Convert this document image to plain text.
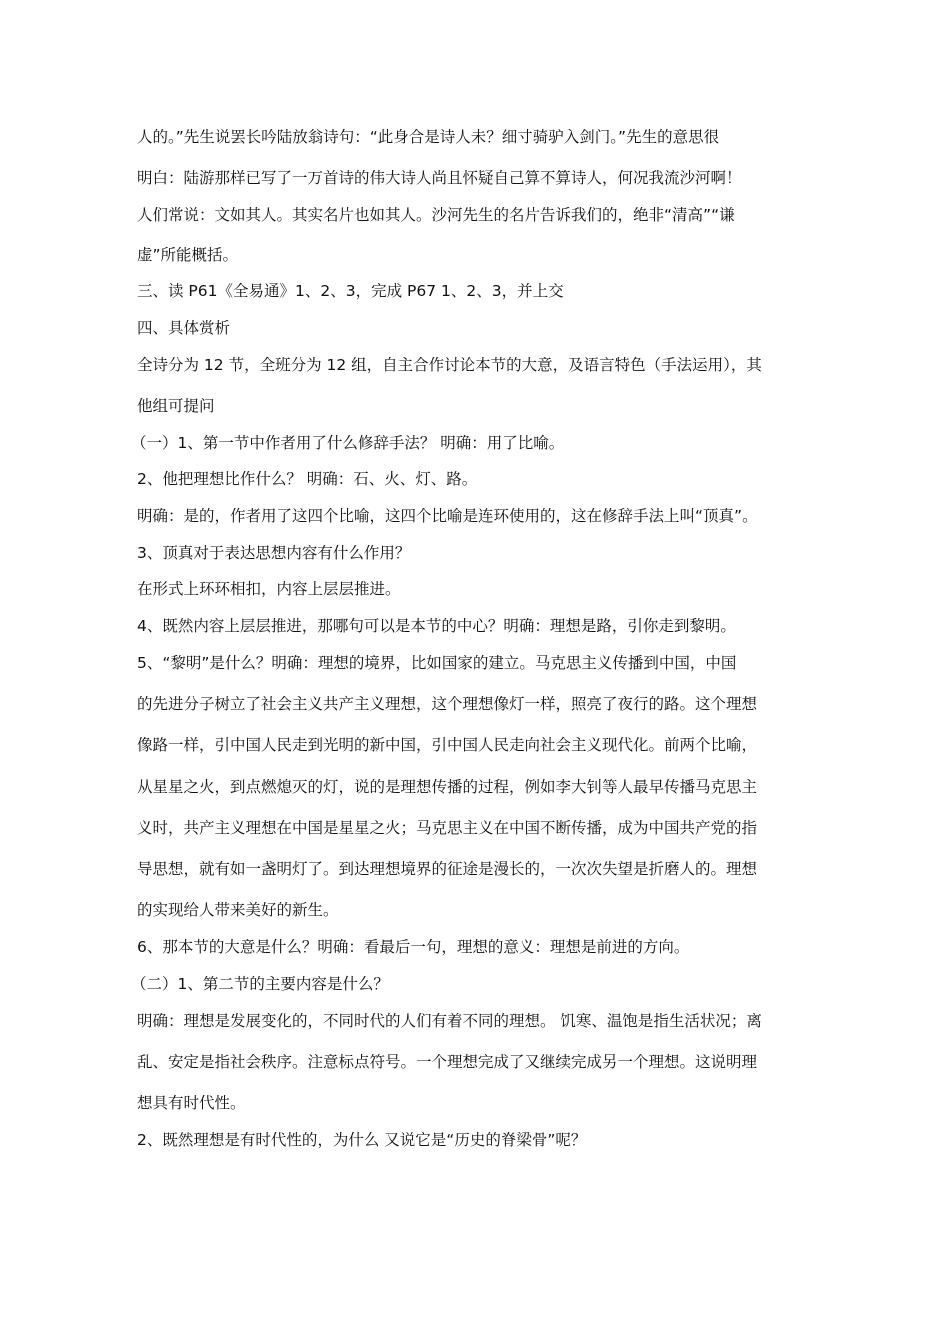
人的。”先生说罢长吟陆放翁诗句：“此身合是诗人未？细寸骑驴入剑门。”先生的意思很
明白：陆游那样已写了一万首诗的伟大诗人尚且怀疑自己算不算诗人，何况我流沙河啊！
人们常说：文如其人。其实名片也如其人。沙河先生的名片告诉我们的，绝非“清高”“谦
虚”所能概括。
三、读 P61《全易通》1、2、3，完成 P67 1、2、3，并上交
四、具体赏析
全诗分为 12 节，全班分为 12 组，自主合作讨论本节的大意，及语言特色（手法运用），其
他组可提问
（一）1、第一节中作者用了什么修辞手法？ 明确：用了比喻。
2、他把理想比作什么？ 明确：石、火、灯、路。
明确：是的，作者用了这四个比喻，这四个比喻是连环使用的，这在修辞手法上叫“顶真”。
3、顶真对于表达思想内容有什么作用？
在形式上环环相扣，内容上层层推进。
4、既然内容上层层推进，那哪句可以是本节的中心？明确：理想是路，引你走到黎明。
5、“黎明”是什么？明确：理想的境界，比如国家的建立。马克思主义传播到中国，中国
的先进分子树立了社会主义共产主义理想，这个理想像灯一样，照亮了夜行的路。这个理想
像路一样，引中国人民走到光明的新中国，引中国人民走向社会主义现代化。前两个比喻，
从星星之火，到点燃熄灭的灯，说的是理想传播的过程，例如李大钊等人最早传播马克思主
义时，共产主义理想在中国是星星之火；马克思主义在中国不断传播，成为中国共产党的指
导思想，就有如一盏明灯了。到达理想境界的征途是漫长的，一次次失望是折磨人的。理想
的实现给人带来美好的新生。
6、那本节的大意是什么？明确：看最后一句，理想的意义：理想是前进的方向。
（二）1、第二节的主要内容是什么？
明确：理想是发展变化的，不同时代的人们有着不同的理想。 饥寒、温饱是指生活状况；离
乱、安定是指社会秩序。注意标点符号。一个理想完成了又继续完成另一个理想。这说明理
想具有时代性。
2、既然理想是有时代性的，为什么 又说它是“历史的脊梁骨”呢？
